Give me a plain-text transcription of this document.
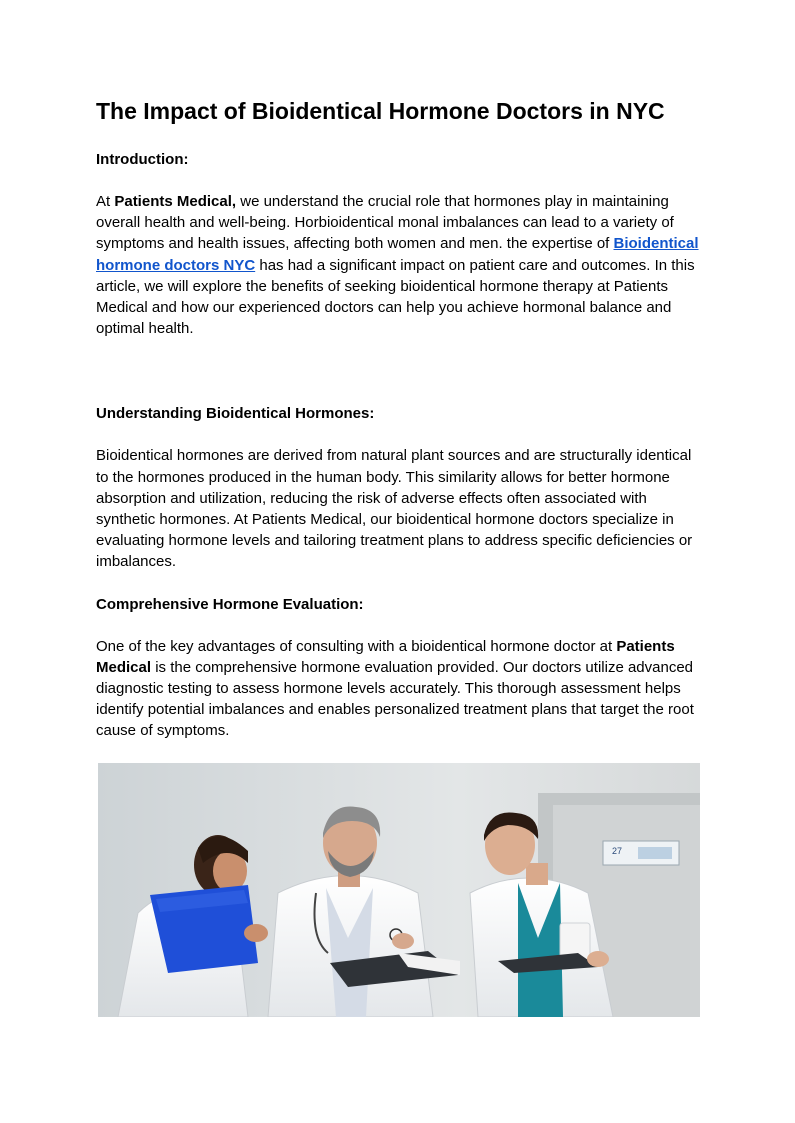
The Impact of Bioidentical Hormone Doctors in NYC

Introduction:

At Patients Medical, we understand the crucial role that hormones play in maintaining overall health and well-being. Horbioidentical monal imbalances can lead to a variety of symptoms and health issues, affecting both women and men. the expertise of Bioidentical hormone doctors NYC has had a significant impact on patient care and outcomes. In this article, we will explore the benefits of seeking bioidentical hormone therapy at Patients Medical and how our experienced doctors can help you achieve hormonal balance and optimal health.

Understanding Bioidentical Hormones:

Bioidentical hormones are derived from natural plant sources and are structurally identical to the hormones produced in the human body. This similarity allows for better hormone absorption and utilization, reducing the risk of adverse effects often associated with synthetic hormones. At Patients Medical, our bioidentical hormone doctors specialize in evaluating hormone levels and tailoring treatment plans to address specific deficiencies or imbalances.

Comprehensive Hormone Evaluation:

One of the key advantages of consulting with a bioidentical hormone doctor at Patients Medical is the comprehensive hormone evaluation provided. Our doctors utilize advanced diagnostic testing to assess hormone levels accurately. This thorough assessment helps identify potential imbalances and enables personalized treatment plans that target the root cause of symptoms.

27
